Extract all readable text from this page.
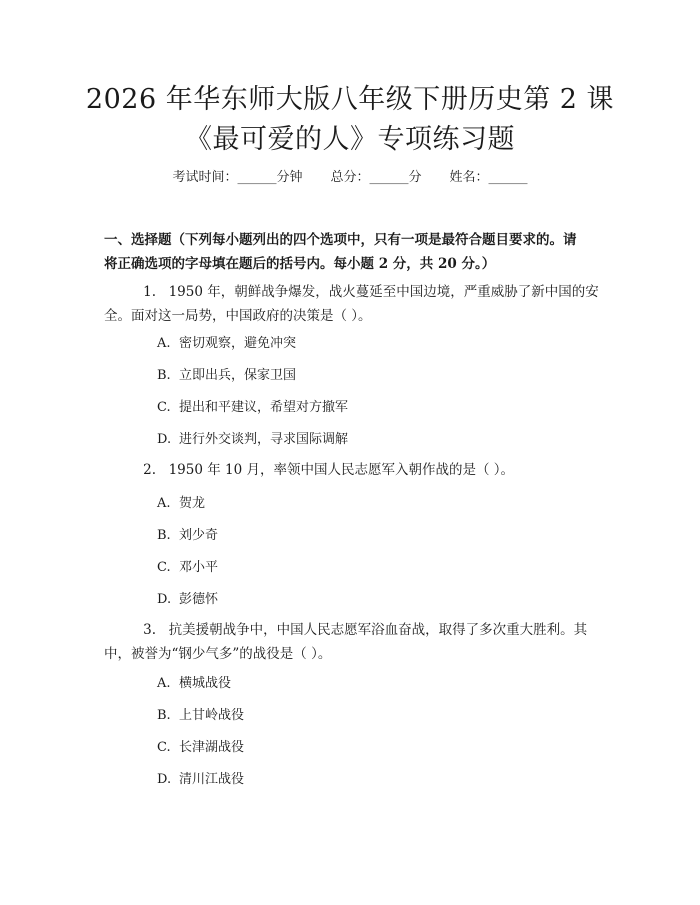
2026 年华东师大版八年级下册历史第 2 课
《最可爱的人》专项练习题
考试时间：______分钟 总分：______分 姓名：______
一、选择题（下列每小题列出的四个选项中，只有一项是最符合题目要求的。请
将正确选项的字母填在题后的括号内。每小题 2 分，共 20 分。）
1. 1950 年，朝鲜战争爆发，战火蔓延至中国边境，严重威胁了新中国的安
全。面对这一局势，中国政府的决策是（ ）。
A. 密切观察，避免冲突
B. 立即出兵，保家卫国
C. 提出和平建议，希望对方撤军
D. 进行外交谈判，寻求国际调解
2. 1950 年 10 月，率领中国人民志愿军入朝作战的是（ ）。
A. 贺龙
B. 刘少奇
C. 邓小平
D. 彭德怀
3. 抗美援朝战争中，中国人民志愿军浴血奋战，取得了多次重大胜利。其
中，被誉为“钢少气多”的战役是（ ）。
A. 横城战役
B. 上甘岭战役
C. 长津湖战役
D. 清川江战役
